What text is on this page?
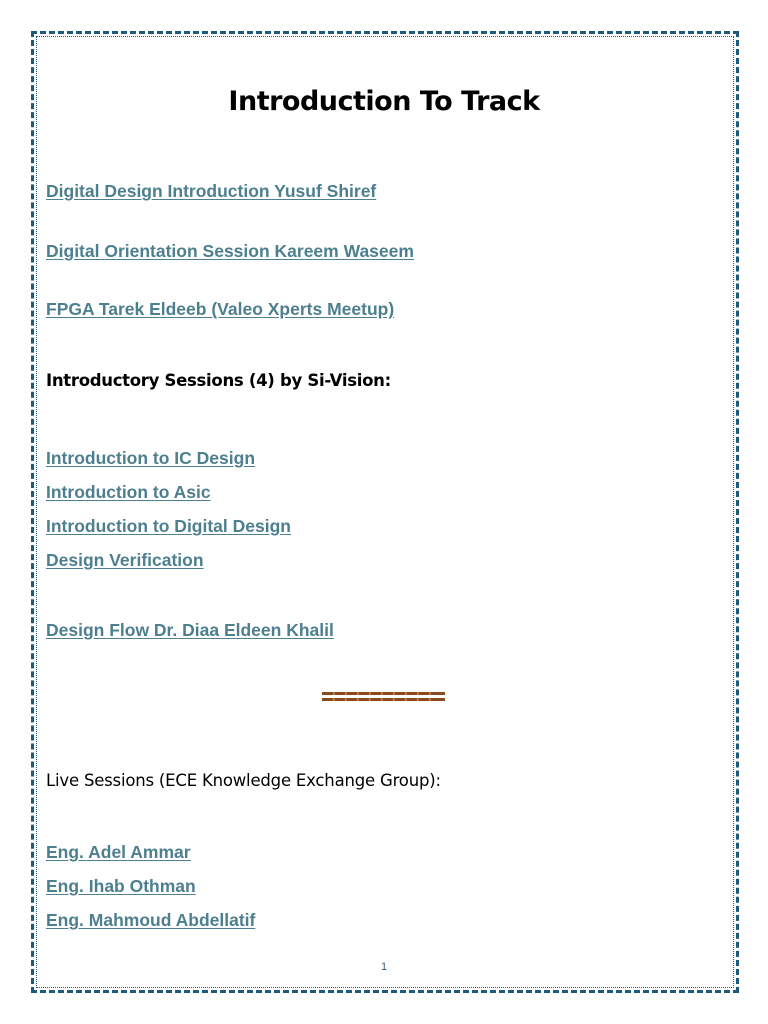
Introduction To Track
Digital Design Introduction Yusuf Shiref
Digital Orientation Session Kareem Waseem
FPGA Tarek Eldeeb (Valeo Xperts Meetup)
Introductory Sessions (4) by Si-Vision:
Introduction to IC Design
Introduction to Asic
Introduction to Digital Design
Design Verification
Design Flow Dr. Diaa Eldeen Khalil
Live Sessions (ECE Knowledge Exchange Group):
Eng. Adel Ammar
Eng. Ihab Othman
Eng. Mahmoud Abdellatif
1
